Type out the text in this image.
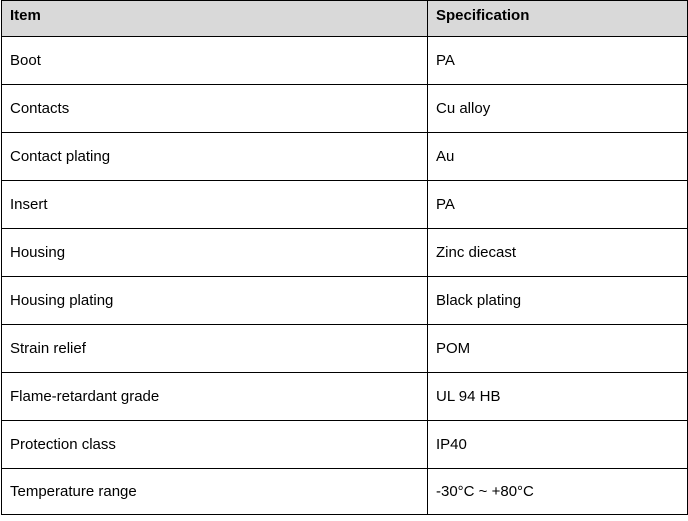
Item	Specification
Boot	PA
Contacts	Cu alloy
Contact plating	Au
Insert	PA
Housing	Zinc diecast
Housing plating	Black plating
Strain relief	POM
Flame-retardant grade	UL 94 HB
Protection class	IP40
Temperature range	-30°C ~ +80°C
